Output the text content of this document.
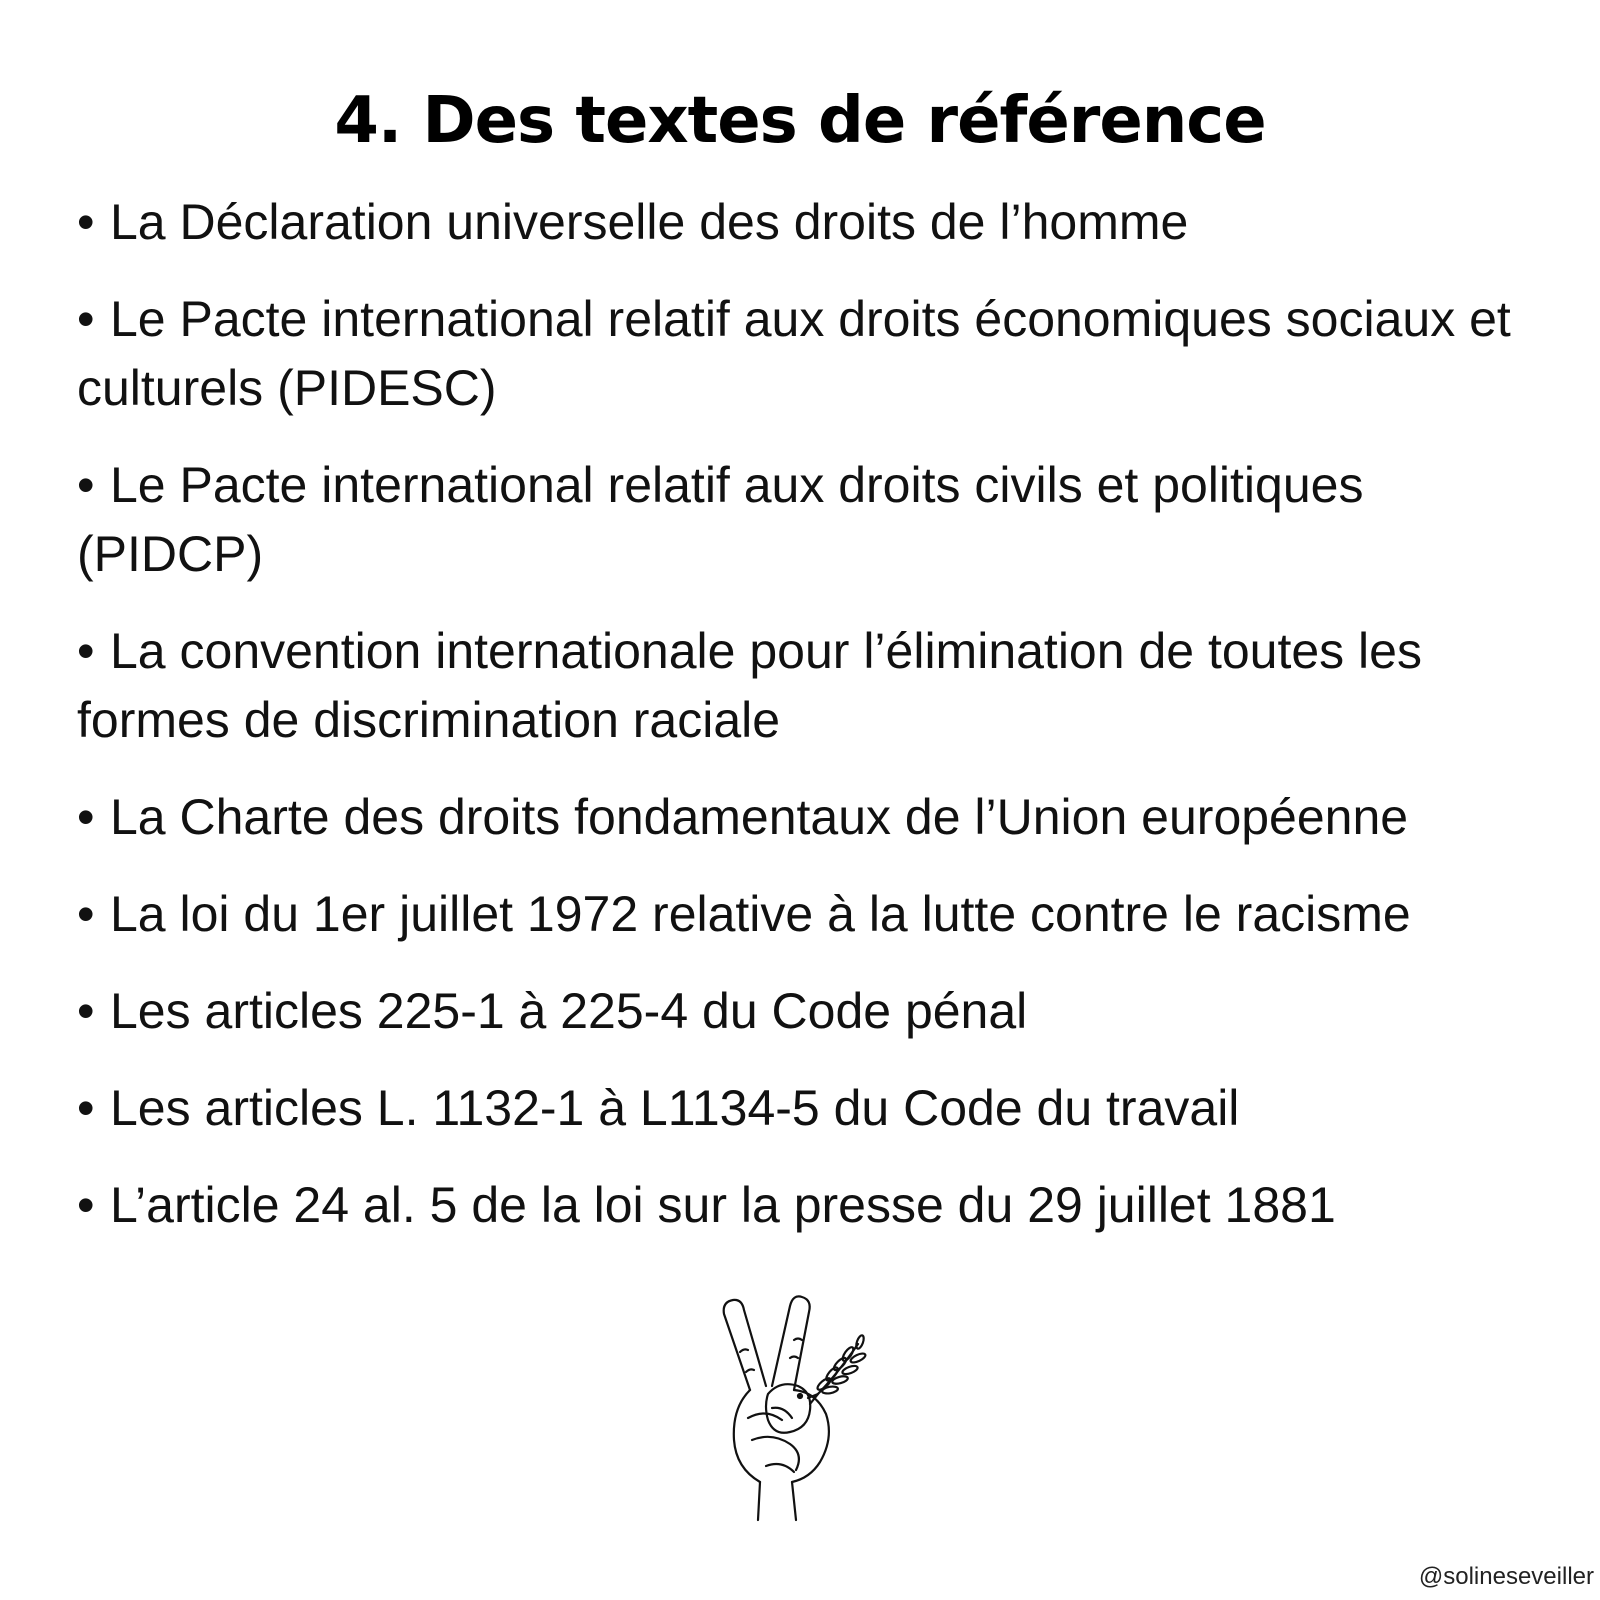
4. Des textes de référence
• La Déclaration universelle des droits de l’homme
• Le Pacte international relatif aux droits économiques sociaux et culturels (PIDESC)
• Le Pacte international relatif aux droits civils et politiques (PIDCP)
• La convention internationale pour l’élimination de toutes les formes de discrimination raciale
• La Charte des droits fondamentaux de l’Union européenne
• La loi du 1er juillet 1972 relative à la lutte contre le racisme
• Les articles 225-1 à 225-4 du Code pénal
• Les articles L. 1132-1 à L1134-5 du Code du travail
• L’article 24 al. 5 de la loi sur la presse du 29 juillet 1881
@solineseveiller
